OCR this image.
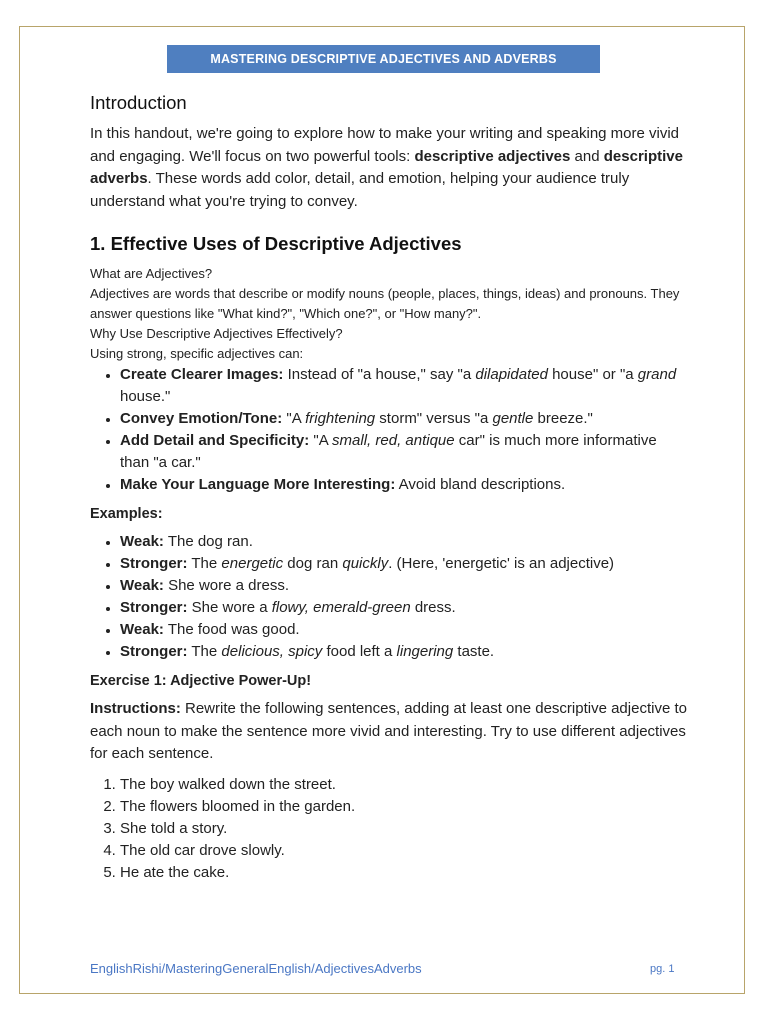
MASTERING DESCRIPTIVE ADJECTIVES AND ADVERBS
Introduction

In this handout, we're going to explore how to make your writing and speaking more vivid and engaging. We'll focus on two powerful tools: descriptive adjectives and descriptive adverbs. These words add color, detail, and emotion, helping your audience truly understand what you're trying to convey.

1. Effective Uses of Descriptive Adjectives

What are Adjectives?

Adjectives are words that describe or modify nouns (people, places, things, ideas) and pronouns. They answer questions like "What kind?", "Which one?", or "How many?".

Why Use Descriptive Adjectives Effectively?

Using strong, specific adjectives can:

• Create Clearer Images: Instead of "a house," say "a dilapidated house" or "a grand house."
• Convey Emotion/Tone: "A frightening storm" versus "a gentle breeze."
• Add Detail and Specificity: "A small, red, antique car" is much more informative than "a car."
• Make Your Language More Interesting: Avoid bland descriptions.

Examples:

• Weak: The dog ran.
• Stronger: The energetic dog ran quickly. (Here, 'energetic' is an adjective)
• Weak: She wore a dress.
• Stronger: She wore a flowy, emerald-green dress.
• Weak: The food was good.
• Stronger: The delicious, spicy food left a lingering taste.

Exercise 1: Adjective Power-Up!

Instructions: Rewrite the following sentences, adding at least one descriptive adjective to each noun to make the sentence more vivid and interesting. Try to use different adjectives for each sentence.

1. The boy walked down the street.
2. The flowers bloomed in the garden.
3. She told a story.
4. The old car drove slowly.
5. He ate the cake.
EnglishRishi/MasteringGeneralEnglish/AdjectivesAdverbs	pg. 1
